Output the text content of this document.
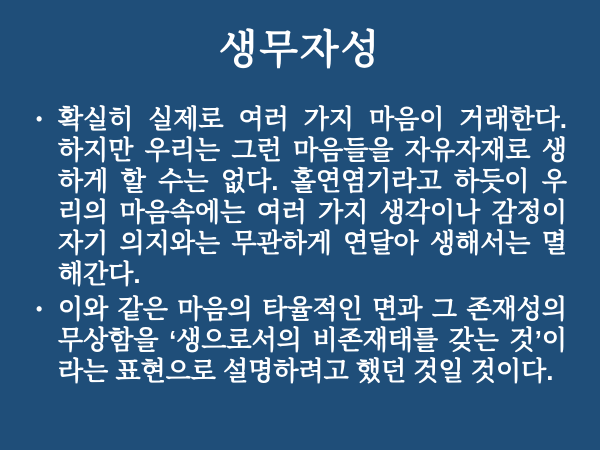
생무자성
• 확실히 실제로 여러 가지 마음이 거래한다.
하지만 우리는 그런 마음들을 자유자재로 생
하게 할 수는 없다. 홀연염기라고 하듯이 우
리의 마음속에는 여러 가지 생각이나 감정이
자기 의지와는 무관하게 연달아 생해서는 멸
해간다.
• 이와 같은 마음의 타율적인 면과 그 존재성의
무상함을 ‘생으로서의 비존재태를 갖는 것’이
라는 표현으로 설명하려고 했던 것일 것이다.
